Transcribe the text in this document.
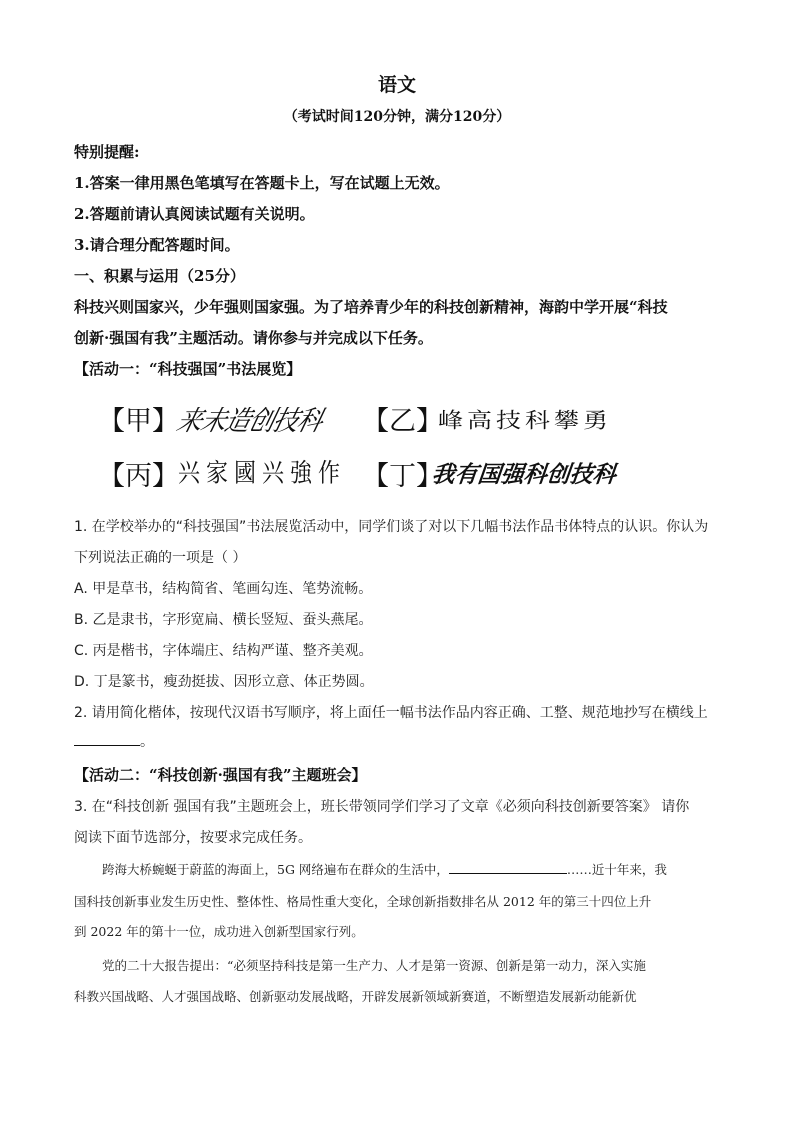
语文
（考试时间120分钟，满分120分）
特别提醒:
1.答案一律用黑色笔填写在答题卡上，写在试题上无效。
2.答题前请认真阅读试题有关说明。
3.请合理分配答题时间。
一、积累与运用（25分）
科技兴则国家兴，少年强则国家强。为了培养青少年的科技创新精神，海韵中学开展“科技
创新·强国有我”主题活动。请你参与并完成以下任务。
【活动一：“科技强国”书法展览】
【甲】
来未造创技科 【乙】
峰高技科攀勇
【丙】 兴家國兴強作 【丁】
我有国强科创技科
1. 在学校举办的“科技强国”书法展览活动中，同学们谈了对以下几幅书法作品书体特点的认识。你认为
下列说法正确的一项是（ ）
A. 甲是草书，结构简省、笔画勾连、笔势流畅。
B. 乙是隶书，字形宽扁、横长竖短、蚕头燕尾。
C. 丙是楷书，字体端庄、结构严谨、整齐美观。
D. 丁是篆书，瘦劲挺拔、因形立意、体正势圆。
2. 请用简化楷体，按现代汉语书写顺序，将上面任一幅书法作品内容正确、工整、规范地抄写在横线上
。
【活动二：“科技创新·强国有我”主题班会】
3. 在“科技创新 强国有我”主题班会上，班长带领同学们学习了文章《必须向科技创新要答案》 请你
阅读下面节选部分，按要求完成任务。
跨海大桥蜿蜒于蔚蓝的海面上，5G 网络遍布在群众的生活中，	……近十年来，我
国科技创新事业发生历史性、整体性、格局性重大变化，全球创新指数排名从 2012 年的第三十四位上升
到 2022 年的第十一位，成功进入创新型国家行列。
党的二十大报告提出：“必须坚持科技是第一生产力、人才是第一资源、创新是第一动力，深入实施
科教兴国战略、人才强国战略、创新驱动发展战略，开辟发展新领域新赛道，不断塑造发展新动能新优
